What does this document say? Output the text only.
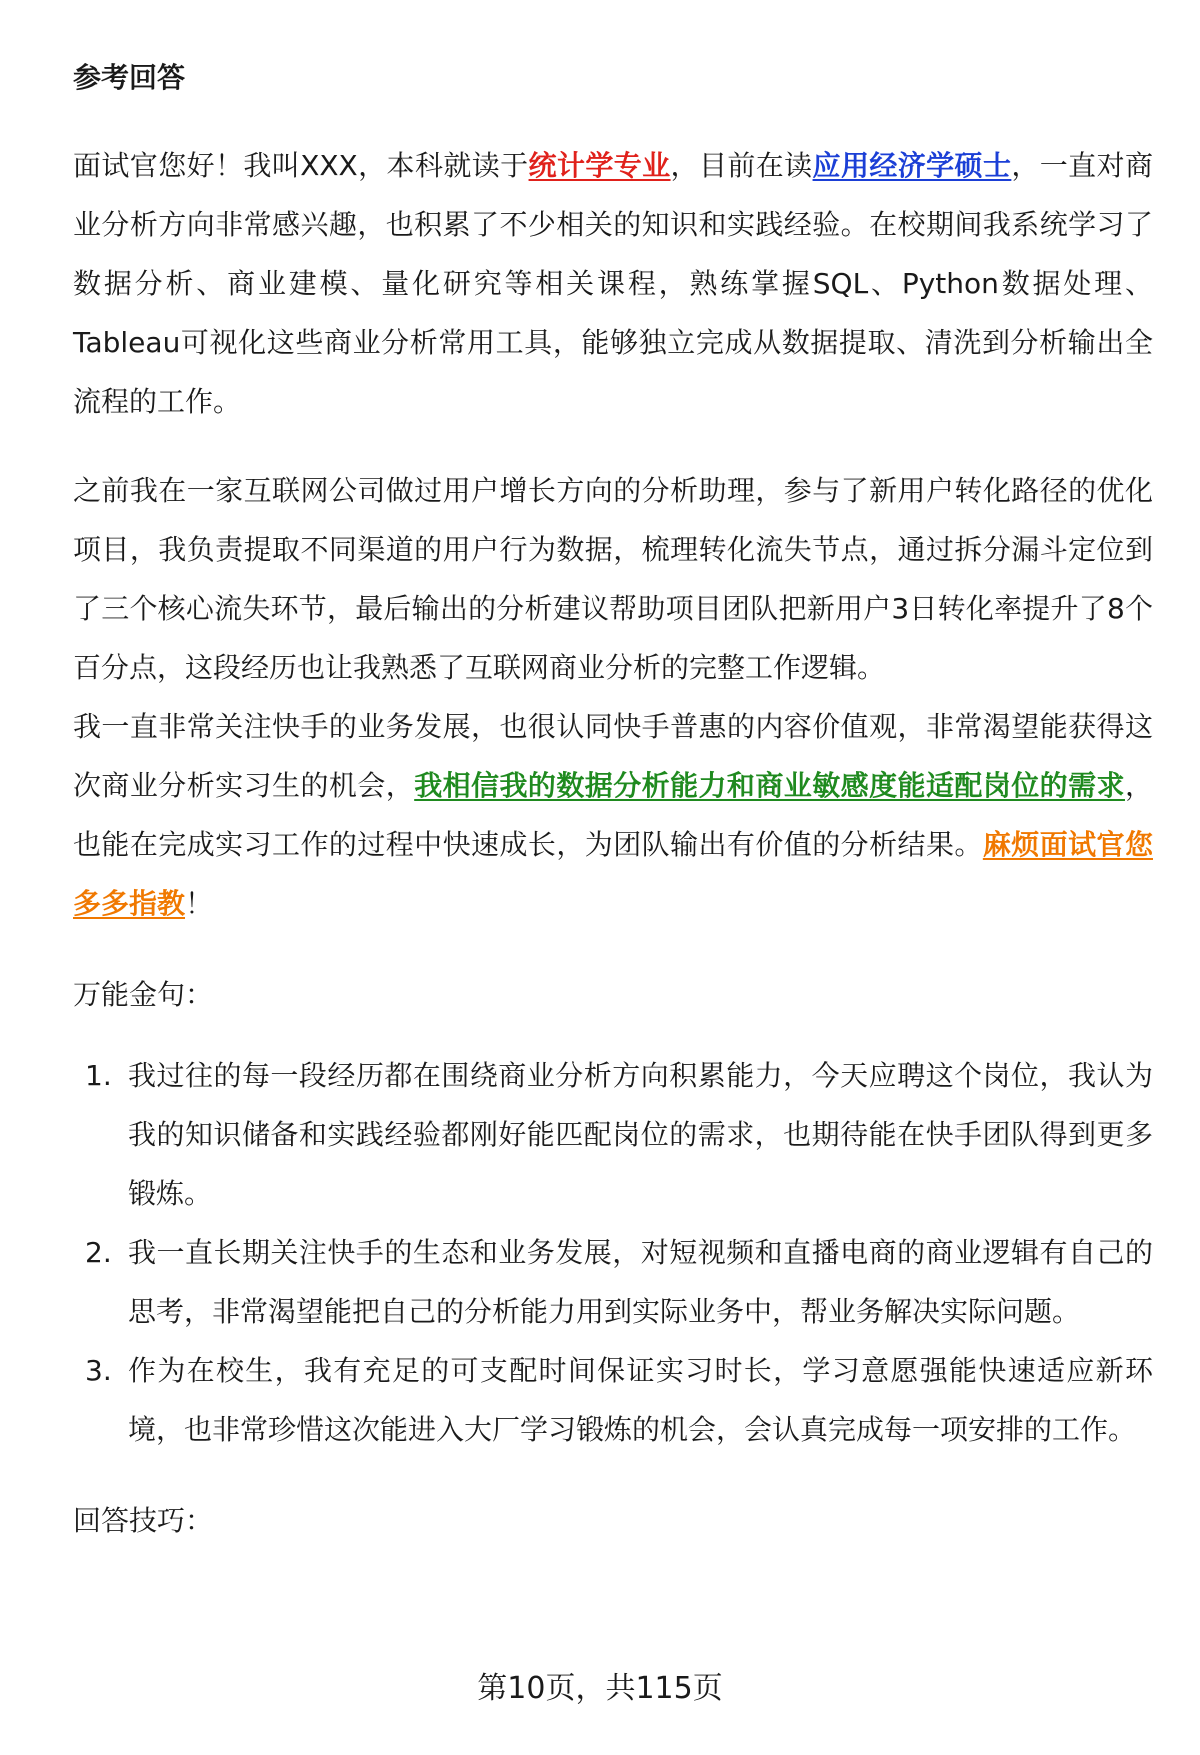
参考回答

面试官您好！我叫XXX，本科就读于统计学专业，目前在读应用经济学硕士，一直对商业分析方向非常感兴趣，也积累了不少相关的知识和实践经验。在校期间我系统学习了数据分析、商业建模、量化研究等相关课程，熟练掌握SQL、Python数据处理、Tableau可视化这些商业分析常用工具，能够独立完成从数据提取、清洗到分析输出全流程的工作。

之前我在一家互联网公司做过用户增长方向的分析助理，参与了新用户转化路径的优化项目，我负责提取不同渠道的用户行为数据，梳理转化流失节点，通过拆分漏斗定位到了三个核心流失环节，最后输出的分析建议帮助项目团队把新用户3日转化率提升了8个百分点，这段经历也让我熟悉了互联网商业分析的完整工作逻辑。

我一直非常关注快手的业务发展，也很认同快手普惠的内容价值观，非常渴望能获得这次商业分析实习生的机会，我相信我的数据分析能力和商业敏感度能适配岗位的需求，也能在完成实习工作的过程中快速成长，为团队输出有价值的分析结果。麻烦面试官您多多指教！

万能金句：
1. 我过往的每一段经历都在围绕商业分析方向积累能力，今天应聘这个岗位，我认为我的知识储备和实践经验都刚好能匹配岗位的需求，也期待能在快手团队得到更多锻炼。
2. 我一直长期关注快手的生态和业务发展，对短视频和直播电商的商业逻辑有自己的思考，非常渴望能把自己的分析能力用到实际业务中，帮业务解决实际问题。
3. 作为在校生，我有充足的可支配时间保证实习时长，学习意愿强能快速适应新环境，也非常珍惜这次能进入大厂学习锻炼的机会，会认真完成每一项安排的工作。
回答技巧：
第10页，共115页
